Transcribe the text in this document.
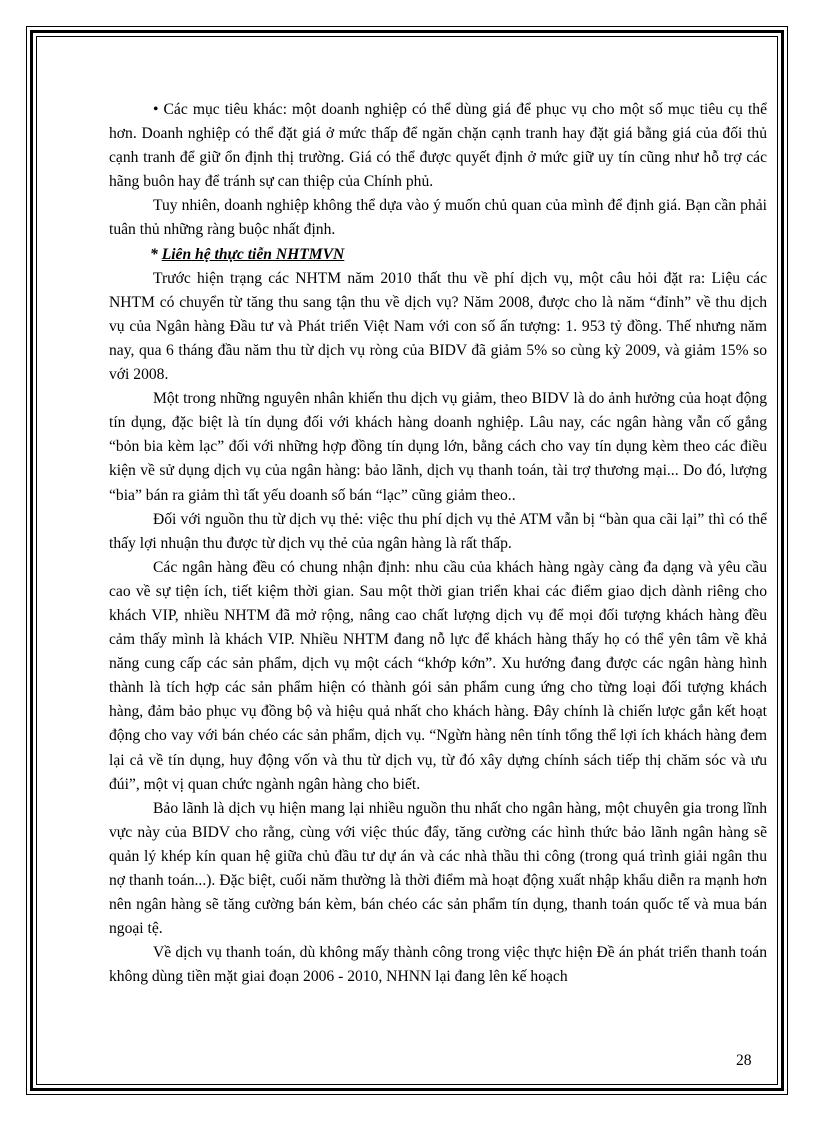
• Các mục tiêu khác: một doanh nghiệp có thể dùng giá để phục vụ cho một số mục tiêu cụ thể hơn. Doanh nghiệp có thể đặt giá ở mức thấp để ngăn chặn cạnh tranh hay đặt giá bằng giá của đối thủ cạnh tranh để giữ ổn định thị trường. Giá có thể được quyết định ở mức giữ uy tín cũng như hỗ trợ các hãng buôn hay để tránh sự can thiệp của Chính phủ.

Tuy nhiên, doanh nghiệp không thể dựa vào ý muốn chủ quan của mình để định giá. Bạn cần phải tuân thủ những ràng buộc nhất định.

* Liên hệ thực tiễn NHTMVN

Trước hiện trạng các NHTM năm 2010 thất thu về phí dịch vụ, một câu hỏi đặt ra: Liệu các NHTM có chuyển từ tăng thu sang tận thu về dịch vụ? Năm 2008, được cho là năm “đỉnh” về thu dịch vụ của Ngân hàng Đầu tư và Phát triển Việt Nam với con số ấn tượng: 1. 953 tỷ đồng. Thế nhưng năm nay, qua 6 tháng đầu năm thu từ dịch vụ ròng của BIDV đã giảm 5% so cùng kỳ 2009, và giảm 15% so với 2008.

Một trong những nguyên nhân khiến thu dịch vụ giảm, theo BIDV là do ảnh hưởng của hoạt động tín dụng, đặc biệt là tín dụng đối với khách hàng doanh nghiệp. Lâu nay, các ngân hàng vẫn cố gắng “bỏn bia kèm lạc” đối với những hợp đồng tín dụng lớn, bằng cách cho vay tín dụng kèm theo các điều kiện về sử dụng dịch vụ của ngân hàng: bảo lãnh, dịch vụ thanh toán, tài trợ thương mại... Do đó, lượng “bia” bán ra giảm thì tất yếu doanh số bán “lạc” cũng giảm theo..

Đối với nguồn thu từ dịch vụ thẻ: việc thu phí dịch vụ thẻ ATM vẫn bị “bàn qua cãi lại” thì có thể thấy lợi nhuận thu được từ dịch vụ thẻ của ngân hàng là rất thấp.

Các ngân hàng đều có chung nhận định: nhu cầu của khách hàng ngày càng đa dạng và yêu cầu cao về sự tiện ích, tiết kiệm thời gian. Sau một thời gian triển khai các điểm giao dịch dành riêng cho khách VIP, nhiều NHTM đã mở rộng, nâng cao chất lượng dịch vụ để mọi đối tượng khách hàng đều cảm thấy mình là khách VIP. Nhiều NHTM đang nỗ lực để khách hàng thấy họ có thể yên tâm về khả năng cung cấp các sản phẩm, dịch vụ một cách “khớp kớn”. Xu hướng đang được các ngân hàng hình thành là tích hợp các sản phẩm hiện có thành gói sản phẩm cung ứng cho từng loại đối tượng khách hàng, đảm bảo phục vụ đồng bộ và hiệu quả nhất cho khách hàng. Đây chính là chiến lược gắn kết hoạt động cho vay với bán chéo các sản phẩm, dịch vụ. “Ngừn hàng nên tính tổng thể lợi ích khách hàng đem lại cả về tín dụng, huy động vốn và thu từ dịch vụ, từ đó xây dựng chính sách tiếp thị chăm sóc và ưu đúi”, một vị quan chức ngành ngân hàng cho biết.

Bảo lãnh là dịch vụ hiện mang lại nhiều nguồn thu nhất cho ngân hàng, một chuyên gia trong lĩnh vực này của BIDV cho rằng, cùng với việc thúc đẩy, tăng cường các hình thức bảo lãnh ngân hàng sẽ quản lý khép kín quan hệ giữa chủ đầu tư dự án và các nhà thầu thi công (trong quá trình giải ngân thu nợ thanh toán...). Đặc biệt, cuối năm thường là thời điểm mà hoạt động xuất nhập khẩu diễn ra mạnh hơn nên ngân hàng sẽ tăng cường bán kèm, bán chéo các sản phẩm tín dụng, thanh toán quốc tế và mua bán ngoại tệ.

Về dịch vụ thanh toán, dù không mấy thành công trong việc thực hiện Đề án phát triển thanh toán không dùng tiền mặt giai đoạn 2006 - 2010, NHNN lại đang lên kế hoạch

28
